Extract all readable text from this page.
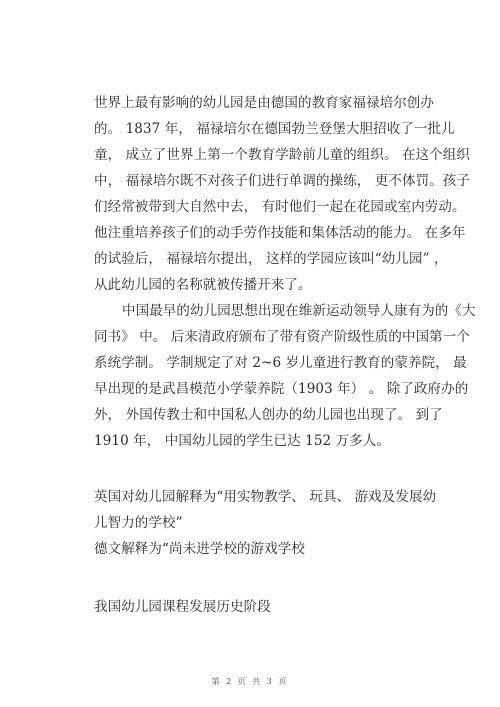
世界上最有影响的幼儿园是由德国的教育家福禄培尔创办
的。 1837 年， 福禄培尔在德国勃兰登堡大胆招收了一批儿
童， 成立了世界上第一个教育学龄前儿童的组织。 在这个组织
中， 福禄培尔既不对孩子们进行单调的操练， 更不体罚。孩子
们经常被带到大自然中去， 有时他们一起在花园或室内劳动。
他注重培养孩子们的动手劳作技能和集体活动的能力。 在多年
的试验后， 福禄培尔提出， 这样的学园应该叫“幼儿园” ，
从此幼儿园的名称就被传播开来了。
中国最早的幼儿园思想出现在维新运动领导人康有为的《大
同书》 中。 后来清政府颁布了带有资产阶级性质的中国第一个
系统学制。 学制规定了对 2~6 岁儿童进行教育的蒙养院， 最
早出现的是武昌模范小学蒙养院（1903 年） 。 除了政府办的
外， 外国传教士和中国私人创办的幼儿园也出现了。 到了
1910 年， 中国幼儿园的学生已达 152 万多人。
英国对幼儿园解释为“用实物教学、 玩具、 游戏及发展幼
儿智力的学校”
德文解释为“尚未进学校的游戏学校
我国幼儿园课程发展历史阶段
第 2 页 共 3 页
